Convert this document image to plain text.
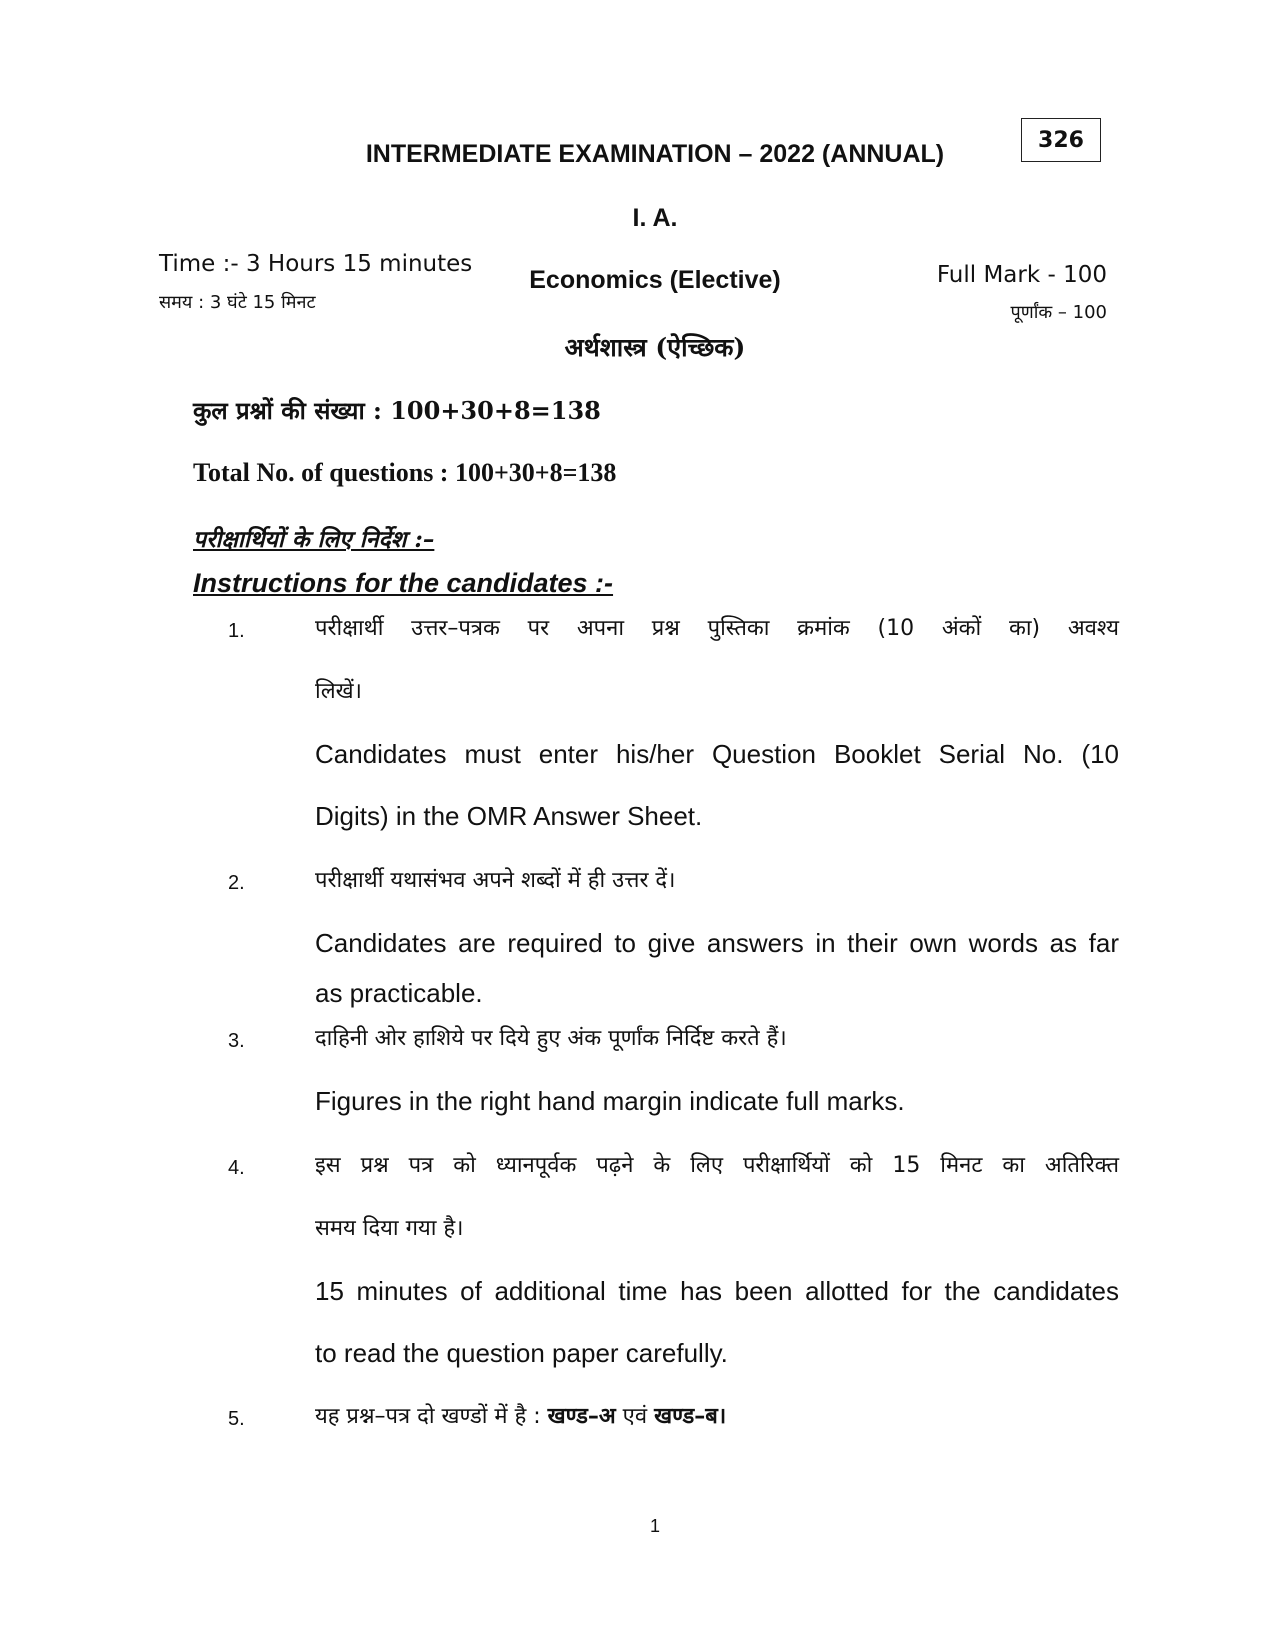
326
INTERMEDIATE EXAMINATION – 2022 (ANNUAL)
I. A.
Time :- 3 Hours 15 minutes
समय : 3 घंटे 15 मिनट
Economics (Elective)
अर्थशास्त्र (ऐच्छिक)
Full Mark - 100
पूर्णांक – 100
कुल प्रश्नों की संख्या : 100+30+8=138
Total No. of questions : 100+30+8=138
परीक्षार्थियों के लिए निर्देश :–
Instructions for the candidates :-
1.	परीक्षार्थी उत्तर–पत्रक पर अपना प्रश्न पुस्तिका क्रमांक (10 अंकों का) अवश्य
लिखें।
Candidates must enter his/her Question Booklet Serial No. (10
Digits) in the OMR Answer Sheet.
2.	परीक्षार्थी यथासंभव अपने शब्दों में ही उत्तर दें।
Candidates are required to give answers in their own words as far
as practicable.
3.	दाहिनी ओर हाशिये पर दिये हुए अंक पूर्णांक निर्दिष्ट करते हैं।
Figures in the right hand margin indicate full marks.
4.	इस प्रश्न पत्र को ध्यानपूर्वक पढ़ने के लिए परीक्षार्थियों को 15 मिनट का अतिरिक्त
समय दिया गया है।
15 minutes of additional time has been allotted for the candidates
to read the question paper carefully.
5.	यह प्रश्न–पत्र दो खण्डों में है : खण्ड–अ एवं खण्ड–ब।
1
